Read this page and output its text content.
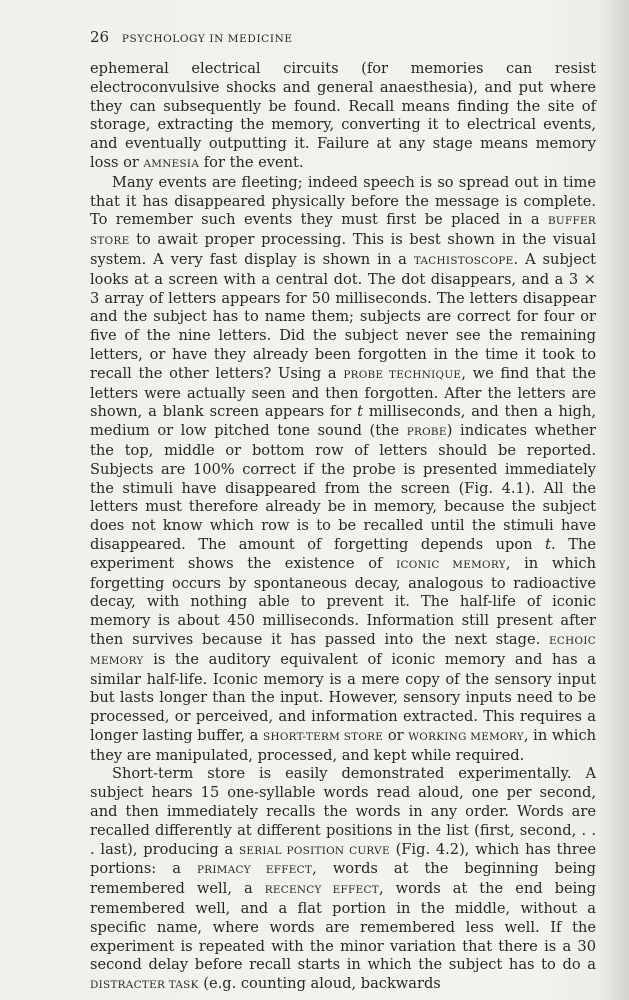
26 PSYCHOLOGY IN MEDICINE

ephemeral electrical circuits (for memories can resist electroconvulsive shocks and general anaesthesia), and put where they can subsequently be found. Recall means finding the site of storage, extracting the memory, converting it to electrical events, and eventually outputting it. Failure at any stage means memory loss or AMNESIA for the event.

Many events are fleeting; indeed speech is so spread out in time that it has disappeared physically before the message is complete. To remember such events they must first be placed in a BUFFER STORE to await proper processing. This is best shown in the visual system. A very fast display is shown in a TACHISTOSCOPE. A subject looks at a screen with a central dot. The dot disappears, and a 3 × 3 array of letters appears for 50 milliseconds. The letters disappear and the subject has to name them; subjects are correct for four or five of the nine letters. Did the subject never see the remaining letters, or have they already been forgotten in the time it took to recall the other letters? Using a PROBE TECHNIQUE, we find that the letters were actually seen and then forgotten. After the letters are shown, a blank screen appears for t milliseconds, and then a high, medium or low pitched tone sound (the PROBE) indicates whether the top, middle or bottom row of letters should be reported. Subjects are 100% correct if the probe is presented immediately the stimuli have disappeared from the screen (Fig. 4.1). All the letters must therefore already be in memory, because the subject does not know which row is to be recalled until the stimuli have disappeared. The amount of forgetting depends upon t. The experiment shows the existence of ICONIC MEMORY, in which forgetting occurs by spontaneous decay, analogous to radioactive decay, with nothing able to prevent it. The half-life of iconic memory is about 450 milliseconds. Information still present after then survives because it has passed into the next stage. ECHOIC MEMORY is the auditory equivalent of iconic memory and has a similar half-life. Iconic memory is a mere copy of the sensory input but lasts longer than the input. However, sensory inputs need to be processed, or perceived, and information extracted. This requires a longer lasting buffer, a SHORT-TERM STORE or WORKING MEMORY, in which they are manipulated, processed, and kept while required.

Short-term store is easily demonstrated experimentally. A subject hears 15 one-syllable words read aloud, one per second, and then immediately recalls the words in any order. Words are recalled differently at different positions in the list (first, second, . . . last), producing a SERIAL POSITION CURVE (Fig. 4.2), which has three portions: a PRIMACY EFFECT, words at the beginning being remembered well, a RECENCY EFFECT, words at the end being remembered well, and a flat portion in the middle, without a specific name, where words are remembered less well. If the experiment is repeated with the minor variation that there is a 30 second delay before recall starts in which the subject has to do a DISTRACTER TASK (e.g. counting aloud, backwards
